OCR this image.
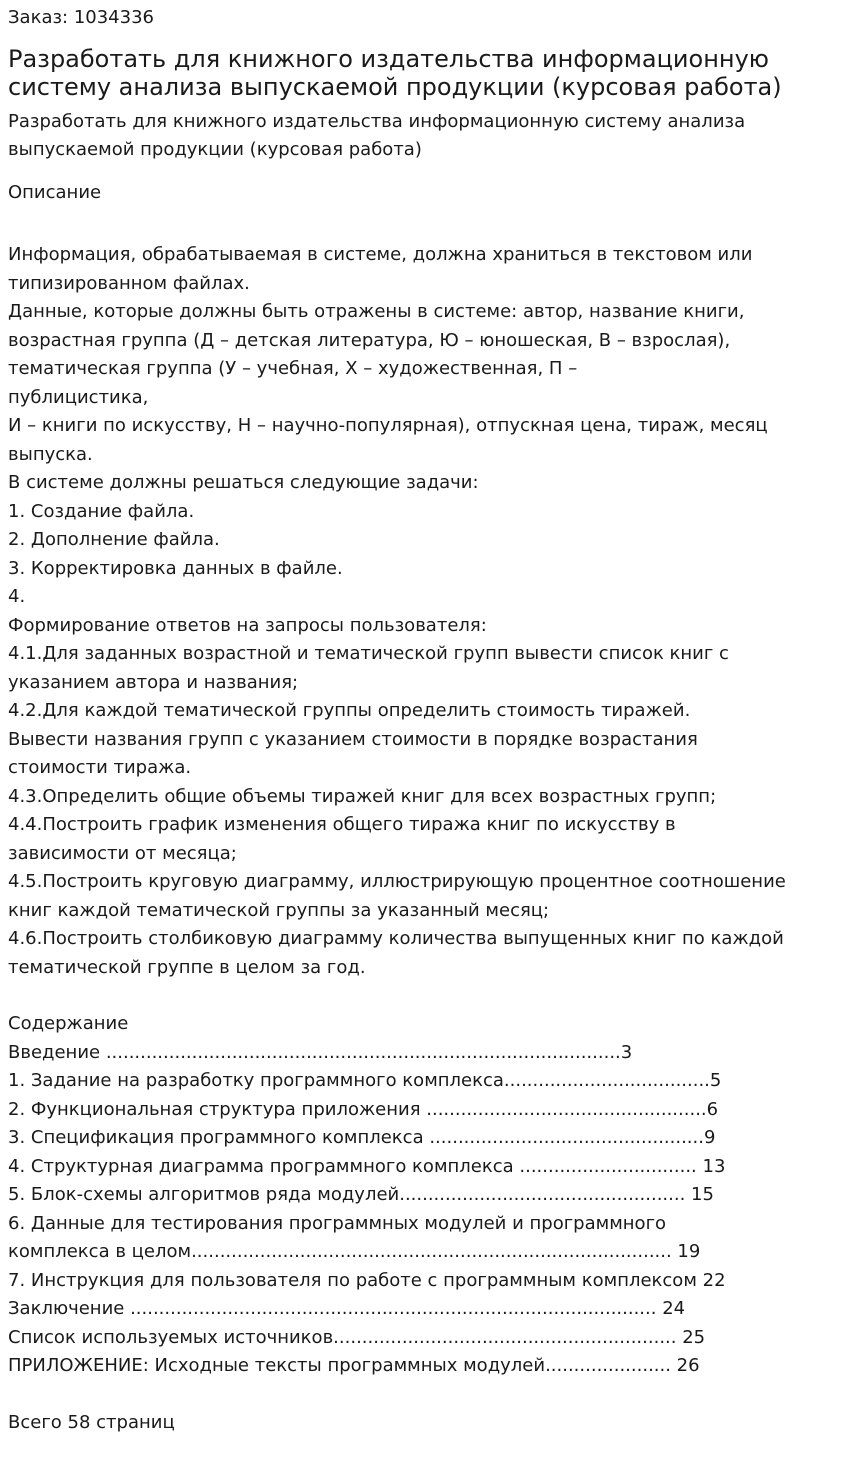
Заказ: 1034336
Разработать для книжного издательства информационную систему анализа выпускаемой продукции (курсовая работа)
Разработать для книжного издательства информационную систему анализа выпускаемой продукции (курсовая работа)
Описание
Информация, обрабатываемая в системе, должна храниться в текстовом или
типизированном файлах.
Данные, которые должны быть отражены в системе: автор, название книги,
возрастная группа (Д – детская литература, Ю – юношеская, В – взрослая),
тематическая группа (У – учебная, Х – художественная, П –
публицистика,
И – книги по искусству, Н – научно-популярная), отпускная цена, тираж, месяц
выпуска.
В системе должны решаться следующие задачи:
1. Создание файла.
2. Дополнение файла.
3. Корректировка данных в файле.
4.
Формирование ответов на запросы пользователя:
4.1.Для заданных возрастной и тематической групп вывести список книг с
указанием автора и названия;
4.2.Для каждой тематической группы определить стоимость тиражей.
Вывести названия групп с указанием стоимости в порядке возрастания
стоимости тиража.
4.3.Определить общие объемы тиражей книг для всех возрастных групп;
4.4.Построить график изменения общего тиража книг по искусству в
зависимости от месяца;
4.5.Построить круговую диаграмму, иллюстрирующую процентное соотношение
книг каждой тематической группы за указанный месяц;
4.6.Построить столбиковую диаграмму количества выпущенных книг по каждой
тематической группе в целом за год.
Содержание
Введение ..........................................................................................3
1. Задание на разработку программного комплекса....................................5
2. Функциональная структура приложения .................................................6
3. Спецификация программного комплекса ................................................9
4. Структурная диаграмма программного комплекса ............................... 13
5. Блок-схемы алгоритмов ряда модулей.................................................. 15
6. Данные для тестирования программных модулей и программного
комплекса в целом.................................................................................... 19
7. Инструкция для пользователя по работе с программным комплексом 22
Заключение ............................................................................................ 24
Список используемых источников............................................................ 25
ПРИЛОЖЕНИЕ: Исходные тексты программных модулей...................... 26
Всего 58 страниц
